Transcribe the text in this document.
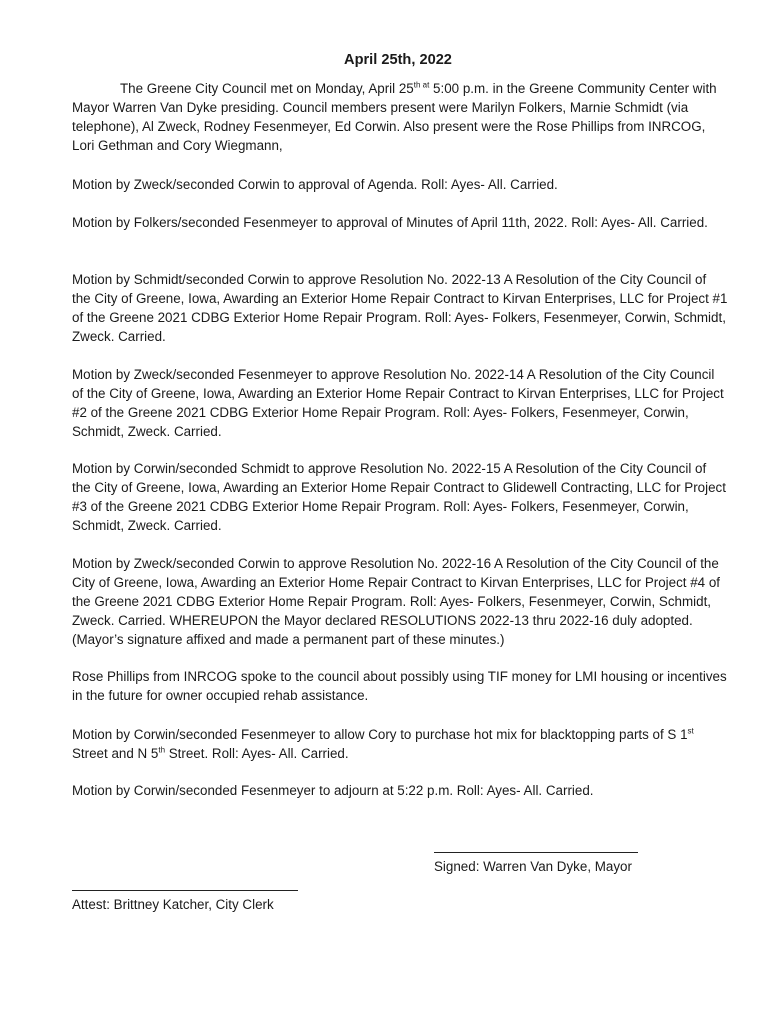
April 25th, 2022

The Greene City Council met on Monday, April $25^{th at}$ 5:00 p.m. in the Greene Community Center with Mayor Warren Van Dyke presiding. Council members present were Marilyn Folkers, Marnie Schmidt (via telephone), Al Zweck, Rodney Fesenmeyer, Ed Corwin. Also present were the Rose Phillips from INRCOG, Lori Gethman and Cory Wiegmann,

Motion by Zweck/seconded Corwin to approval of Agenda. Roll: Ayes- All. Carried.

Motion by Folkers/seconded Fesenmeyer to approval of Minutes of April 11th, 2022. Roll: Ayes- All. Carried.

Motion by Schmidt/seconded Corwin to approve Resolution No. 2022-13 A Resolution of the City Council of the City of Greene, Iowa, Awarding an Exterior Home Repair Contract to Kirvan Enterprises, LLC for Project #1 of the Greene 2021 CDBG Exterior Home Repair Program. Roll: Ayes- Folkers, Fesenmeyer, Corwin, Schmidt, Zweck. Carried.

Motion by Zweck/seconded Fesenmeyer to approve Resolution No. 2022-14 A Resolution of the City Council of the City of Greene, Iowa, Awarding an Exterior Home Repair Contract to Kirvan Enterprises, LLC for Project #2 of the Greene 2021 CDBG Exterior Home Repair Program. Roll: Ayes- Folkers, Fesenmeyer, Corwin, Schmidt, Zweck. Carried.

Motion by Corwin/seconded Schmidt to approve Resolution No. 2022-15 A Resolution of the City Council of the City of Greene, Iowa, Awarding an Exterior Home Repair Contract to Glidewell Contracting, LLC for Project #3 of the Greene 2021 CDBG Exterior Home Repair Program. Roll: Ayes- Folkers, Fesenmeyer, Corwin, Schmidt, Zweck. Carried.

Motion by Zweck/seconded Corwin to approve Resolution No. 2022-16 A Resolution of the City Council of the City of Greene, Iowa, Awarding an Exterior Home Repair Contract to Kirvan Enterprises, LLC for Project #4 of the Greene 2021 CDBG Exterior Home Repair Program. Roll: Ayes- Folkers, Fesenmeyer, Corwin, Schmidt, Zweck. Carried. WHEREUPON the Mayor declared RESOLUTIONS 2022-13 thru 2022-16 duly adopted. (Mayor’s signature affixed and made a permanent part of these minutes.)

Rose Phillips from INRCOG spoke to the council about possibly using TIF money for LMI housing or incentives in the future for owner occupied rehab assistance.

Motion by Corwin/seconded Fesenmeyer to allow Cory to purchase hot mix for blacktopping parts of S 1st Street and N 5th Street. Roll: Ayes- All. Carried.

Motion by Corwin/seconded Fesenmeyer to adjourn at 5:22 p.m. Roll: Ayes- All. Carried.

Signed: Warren Van Dyke, Mayor
Attest: Brittney Katcher, City Clerk
